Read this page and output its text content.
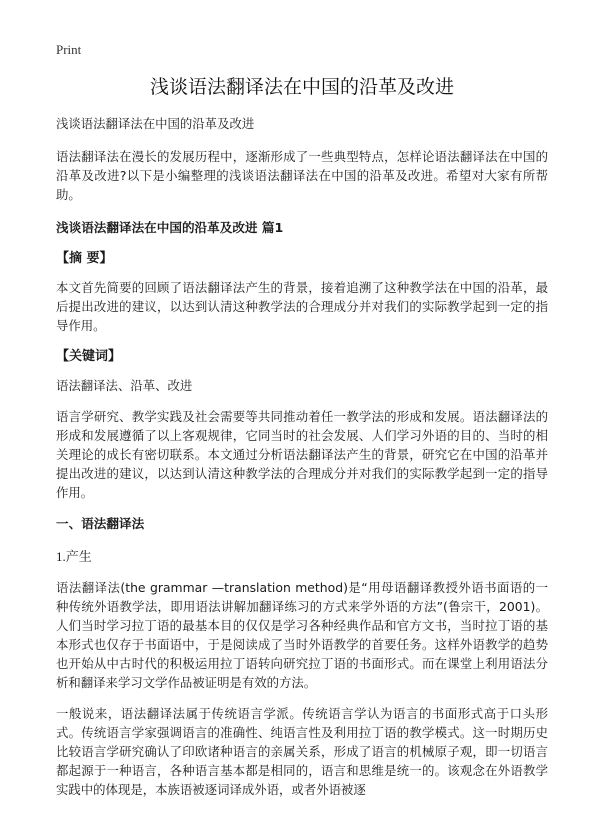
Print
浅谈语法翻译法在中国的沿革及改进

浅谈语法翻译法在中国的沿革及改进

语法翻译法在漫长的发展历程中，逐渐形成了一些典型特点，怎样论语法翻译法在中国的沿革及改进?以下是小编整理的浅谈语法翻译法在中国的沿革及改进。希望对大家有所帮助。

浅谈语法翻译法在中国的沿革及改进 篇1
【摘 要】

本文首先简要的回顾了语法翻译法产生的背景，接着追溯了这种教学法在中国的沿革，最后提出改进的建议，以达到认清这种教学法的合理成分并对我们的实际教学起到一定的指导作用。

【关键词】

语法翻译法、沿革、改进

语言学研究、教学实践及社会需要等共同推动着任一教学法的形成和发展。语法翻译法的形成和发展遵循了以上客观规律，它同当时的社会发展、人们学习外语的目的、当时的相关理论的成长有密切联系。本文通过分析语法翻译法产生的背景，研究它在中国的沿革并提出改进的建议，以达到认清这种教学法的合理成分并对我们的实际教学起到一定的指导作用。

一、语法翻译法
1.产生

语法翻译法(the grammar —translation method)是“用母语翻译教授外语书面语的一种传统外语教学法，即用语法讲解加翻译练习的方式来学外语的方法”(鲁宗干，2001)。人们当时学习拉丁语的最基本目的仅仅是学习各种经典作品和官方文书，当时拉丁语的基本形式也仅存于书面语中，于是阅读成了当时外语教学的首要任务。这样外语教学的趋势也开始从中古时代的积极运用拉丁语转向研究拉丁语的书面形式。而在课堂上利用语法分析和翻译来学习文学作品被证明是有效的方法。

一般说来，语法翻译法属于传统语言学派。传统语言学认为语言的书面形式高于口头形式。传统语言学家强调语言的准确性、纯语言性及利用拉丁语的教学模式。这一时期历史比较语言学研究确认了印欧诸种语言的亲属关系，形成了语言的机械原子观，即一切语言都起源于一种语言，各种语言基本都是相同的，语言和思维是统一的。该观念在外语教学实践中的体现是，本族语被逐词译成外语，或者外语被逐
